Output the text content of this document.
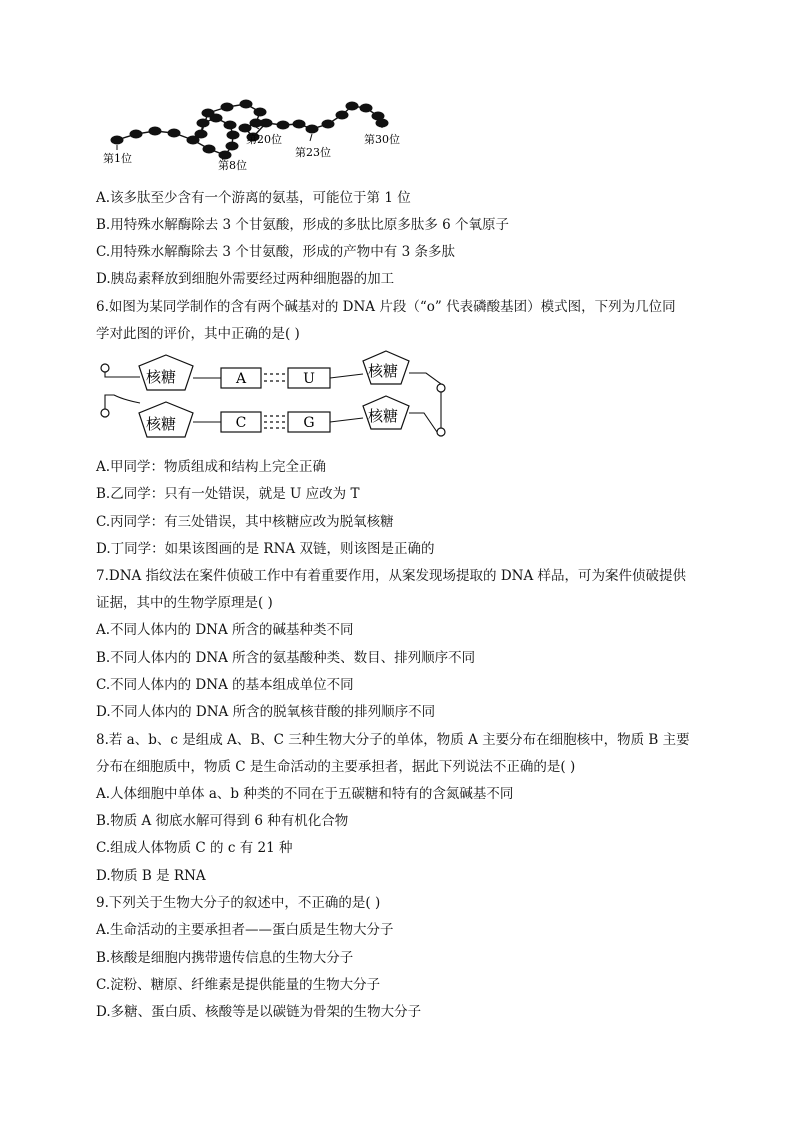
第1位
第8位
第20位
第23位
第30位
A.该多肽至少含有一个游离的氨基，可能位于第 1 位
B.用特殊水解酶除去 3 个甘氨酸，形成的多肽比原多肽多 6 个氧原子
C.用特殊水解酶除去 3 个甘氨酸，形成的产物中有 3 条多肽
D.胰岛素释放到细胞外需要经过两种细胞器的加工
6.如图为某同学制作的含有两个碱基对的 DNA 片段（“o” 代表磷酸基团）模式图，下列为几位同
学对此图的评价，其中正确的是( )
核糖
核糖
核糖
核糖
A	U
C	G
A.甲同学：物质组成和结构上完全正确
B.乙同学：只有一处错误，就是 U 应改为 T
C.丙同学：有三处错误，其中核糖应改为脱氧核糖
D.丁同学：如果该图画的是 RNA 双链，则该图是正确的
7.DNA 指纹法在案件侦破工作中有着重要作用，从案发现场提取的 DNA 样品，可为案件侦破提供
证据，其中的生物学原理是( )
A.不同人体内的 DNA 所含的碱基种类不同
B.不同人体内的 DNA 所含的氨基酸种类、数目、排列顺序不同
C.不同人体内的 DNA 的基本组成单位不同
D.不同人体内的 DNA 所含的脱氧核苷酸的排列顺序不同
8.若 a、b、c 是组成 A、B、C 三种生物大分子的单体，物质 A 主要分布在细胞核中，物质 B 主要
分布在细胞质中，物质 C 是生命活动的主要承担者，据此下列说法不正确的是( )
A.人体细胞中单体 a、b 种类的不同在于五碳糖和特有的含氮碱基不同
B.物质 A 彻底水解可得到 6 种有机化合物
C.组成人体物质 C 的 c 有 21 种
D.物质 B 是 RNA
9.下列关于生物大分子的叙述中，不正确的是( )
A.生命活动的主要承担者——蛋白质是生物大分子
B.核酸是细胞内携带遗传信息的生物大分子
C.淀粉、糖原、纤维素是提供能量的生物大分子
D.多糖、蛋白质、核酸等是以碳链为骨架的生物大分子
